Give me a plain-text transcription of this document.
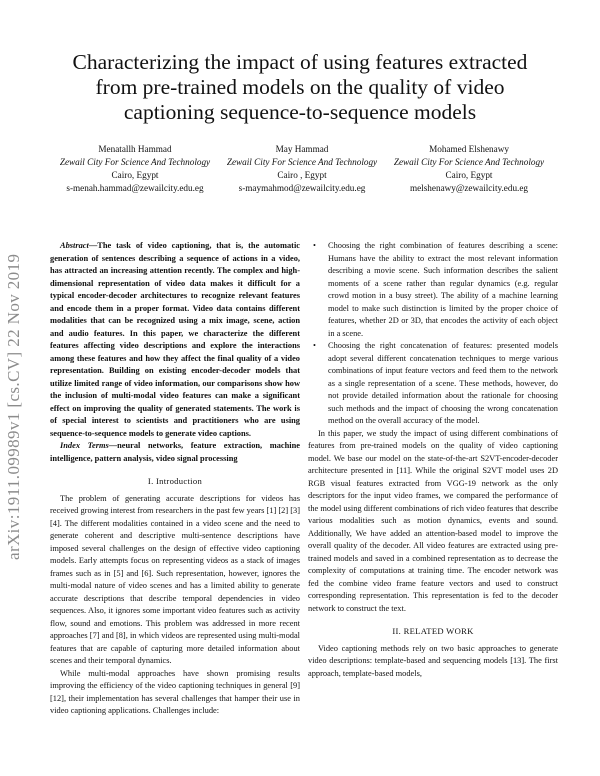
arXiv:1911.09989v1 [cs.CV] 22 Nov 2019
Characterizing the impact of using features extracted from pre-trained models on the quality of video captioning sequence-to-sequence models
Menatallh Hammad
Zewail City For Science And Technology
Cairo, Egypt
s-menah.hammad@zewailcity.edu.eg
May Hammad
Zewail City For Science And Technology
Cairo , Egypt
s-maymahmod@zewailcity.edu.eg
Mohamed Elshenawy
Zewail City For Science And Technology
Cairo, Egypt
melshenawy@zewailcity.edu.eg

Abstract—The task of video captioning, that is, the automatic generation of sentences describing a sequence of actions in a video, has attracted an increasing attention recently. The complex and high-dimensional representation of video data makes it difficult for a typical encoder-decoder architectures to recognize relevant features and encode them in a proper format. Video data contains different modalities that can be recognized using a mix image, scene, action and audio features. In this paper, we characterize the different features affecting video descriptions and explore the interactions among these features and how they affect the final quality of a video representation. Building on existing encoder-decoder models that utilize limited range of video information, our comparisons show how the inclusion of multi-modal video features can make a significant effect on improving the quality of generated statements. The work is of special interest to scientists and practitioners who are using sequence-to-sequence models to generate video captions.

Index Terms—neural networks, feature extraction, machine intelligence, pattern analysis, video signal processing

I. Introduction

The problem of generating accurate descriptions for videos has received growing interest from researchers in the past few years [1] [2] [3] [4]. The different modalities contained in a video scene and the need to generate coherent and descriptive multi-sentence descriptions have imposed several challenges on the design of effective video captioning models. Early attempts focus on representing videos as a stack of images frames such as in [5] and [6]. Such representation, however, ignores the multi-modal nature of video scenes and has a limited ability to generate accurate descriptions that describe temporal dependencies in video sequences. Also, it ignores some important video features such as activity flow, sound and emotions. This problem was addressed in more recent approaches [7] and [8], in which videos are represented using multi-modal features that are capable of capturing more detailed information about scenes and their temporal dynamics.

While multi-modal approaches have shown promising results improving the efficiency of the video captioning techniques in general [9] [12], their implementation has several challenges that hamper their use in video captioning applications. Challenges include:

• Choosing the right combination of features describing a scene: Humans have the ability to extract the most relevant information describing a movie scene. Such information describes the salient moments of a scene rather than regular dynamics (e.g. regular crowd motion in a busy street). The ability of a machine learning model to make such distinction is limited by the proper choice of features, whether 2D or 3D, that encodes the activity of each object in a scene.
• Choosing the right concatenation of features: presented models adopt several different concatenation techniques to merge various combinations of input feature vectors and feed them to the network as a single representation of a scene. These methods, however, do not provide detailed information about the rationale for choosing such methods and the impact of choosing the wrong concatenation method on the overall accuracy of the model.

In this paper, we study the impact of using different combinations of features from pre-trained models on the quality of video captioning model. We base our model on the state-of-the-art S2VT-encoder-decoder architecture presented in [11]. While the original S2VT model uses 2D RGB visual features extracted from VGG-19 network as the only descriptors for the input video frames, we compared the performance of the model using different combinations of rich video features that describe various modalities such as motion dynamics, events and sound. Additionally, We have added an attention-based model to improve the overall quality of the decoder. All video features are extracted using pre-trained models and saved in a combined representation as to decrease the complexity of computations at training time. The encoder network was fed the combine video frame feature vectors and used to construct corresponding representation. This representation is fed to the decoder network to construct the text.

II. RELATED WORK

Video captioning methods rely on two basic approaches to generate video descriptions: template-based and sequencing models [13]. The first approach, template-based models,
